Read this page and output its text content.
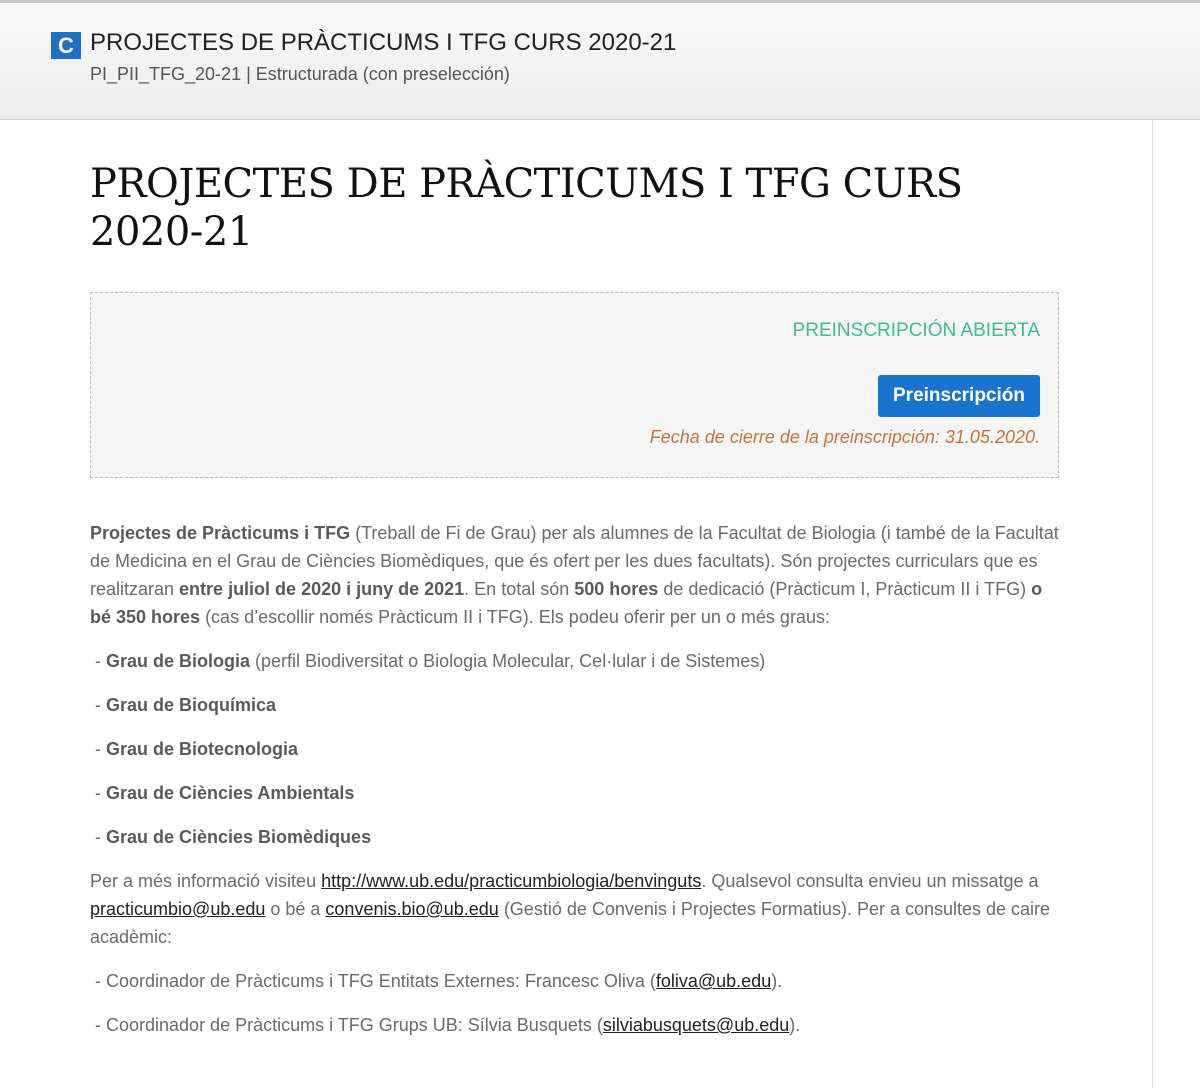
C PROJECTES DE PRÀCTICUMS I TFG CURS 2020-21
PI_PII_TFG_20-21 | Estructurada (con preselección)
PROJECTES DE PRÀCTICUMS I TFG CURS 2020-21
PREINSCRIPCIÓN ABIERTA
Preinscripción
Fecha de cierre de la preinscripción: 31.05.2020.

Projectes de Pràcticums i TFG (Treball de Fi de Grau) per als alumnes de la Facultat de Biologia (i també de la Facultat de Medicina en el Grau de Ciències Biomèdiques, que és ofert per les dues facultats). Són projectes curriculars que es realitzaran entre juliol de 2020 i juny de 2021. En total són 500 hores de dedicació (Pràcticum I, Pràcticum II i TFG) o bé 350 hores (cas d’escollir només Pràcticum II i TFG). Els podeu oferir per un o més graus:

- Grau de Biologia (perfil Biodiversitat o Biologia Molecular, Cel·lular i de Sistemes)

- Grau de Bioquímica

- Grau de Biotecnologia

- Grau de Ciències Ambientals

- Grau de Ciències Biomèdiques

Per a més informació visiteu http://www.ub.edu/practicumbiologia/benvinguts. Qualsevol consulta envieu un missatge a practicumbio@ub.edu o bé a convenis.bio@ub.edu (Gestió de Convenis i Projectes Formatius). Per a consultes de caire acadèmic:

- Coordinador de Pràcticums i TFG Entitats Externes: Francesc Oliva (foliva@ub.edu).

- Coordinador de Pràcticums i TFG Grups UB: Sílvia Busquets (silviabusquets@ub.edu).
